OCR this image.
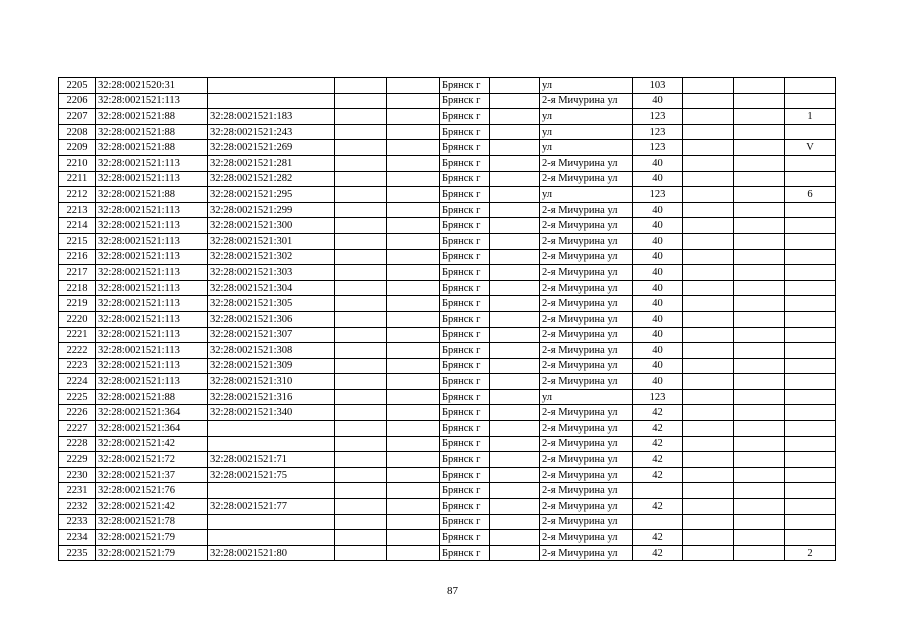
2205	32:28:0021520:31				Брянск г		ул	103			
2206	32:28:0021521:113				Брянск г		2-я Мичурина ул	40			
2207	32:28:0021521:88	32:28:0021521:183			Брянск г		ул	123			1
2208	32:28:0021521:88	32:28:0021521:243			Брянск г		ул	123			
2209	32:28:0021521:88	32:28:0021521:269			Брянск г		ул	123			V
2210	32:28:0021521:113	32:28:0021521:281			Брянск г		2-я Мичурина ул	40			
2211	32:28:0021521:113	32:28:0021521:282			Брянск г		2-я Мичурина ул	40			
2212	32:28:0021521:88	32:28:0021521:295			Брянск г		ул	123			6
2213	32:28:0021521:113	32:28:0021521:299			Брянск г		2-я Мичурина ул	40			
2214	32:28:0021521:113	32:28:0021521:300			Брянск г		2-я Мичурина ул	40			
2215	32:28:0021521:113	32:28:0021521:301			Брянск г		2-я Мичурина ул	40			
2216	32:28:0021521:113	32:28:0021521:302			Брянск г		2-я Мичурина ул	40			
2217	32:28:0021521:113	32:28:0021521:303			Брянск г		2-я Мичурина ул	40			
2218	32:28:0021521:113	32:28:0021521:304			Брянск г		2-я Мичурина ул	40			
2219	32:28:0021521:113	32:28:0021521:305			Брянск г		2-я Мичурина ул	40			
2220	32:28:0021521:113	32:28:0021521:306			Брянск г		2-я Мичурина ул	40			
2221	32:28:0021521:113	32:28:0021521:307			Брянск г		2-я Мичурина ул	40			
2222	32:28:0021521:113	32:28:0021521:308			Брянск г		2-я Мичурина ул	40			
2223	32:28:0021521:113	32:28:0021521:309			Брянск г		2-я Мичурина ул	40			
2224	32:28:0021521:113	32:28:0021521:310			Брянск г		2-я Мичурина ул	40			
2225	32:28:0021521:88	32:28:0021521:316			Брянск г		ул	123			
2226	32:28:0021521:364	32:28:0021521:340			Брянск г		2-я Мичурина ул	42			
2227	32:28:0021521:364				Брянск г		2-я Мичурина ул	42			
2228	32:28:0021521:42				Брянск г		2-я Мичурина ул	42			
2229	32:28:0021521:72	32:28:0021521:71			Брянск г		2-я Мичурина ул	42			
2230	32:28:0021521:37	32:28:0021521:75			Брянск г		2-я Мичурина ул	42			
2231	32:28:0021521:76				Брянск г		2-я Мичурина ул				
2232	32:28:0021521:42	32:28:0021521:77			Брянск г		2-я Мичурина ул	42			
2233	32:28:0021521:78				Брянск г		2-я Мичурина ул				
2234	32:28:0021521:79				Брянск г		2-я Мичурина ул	42			
2235	32:28:0021521:79	32:28:0021521:80			Брянск г		2-я Мичурина ул	42			2
87
